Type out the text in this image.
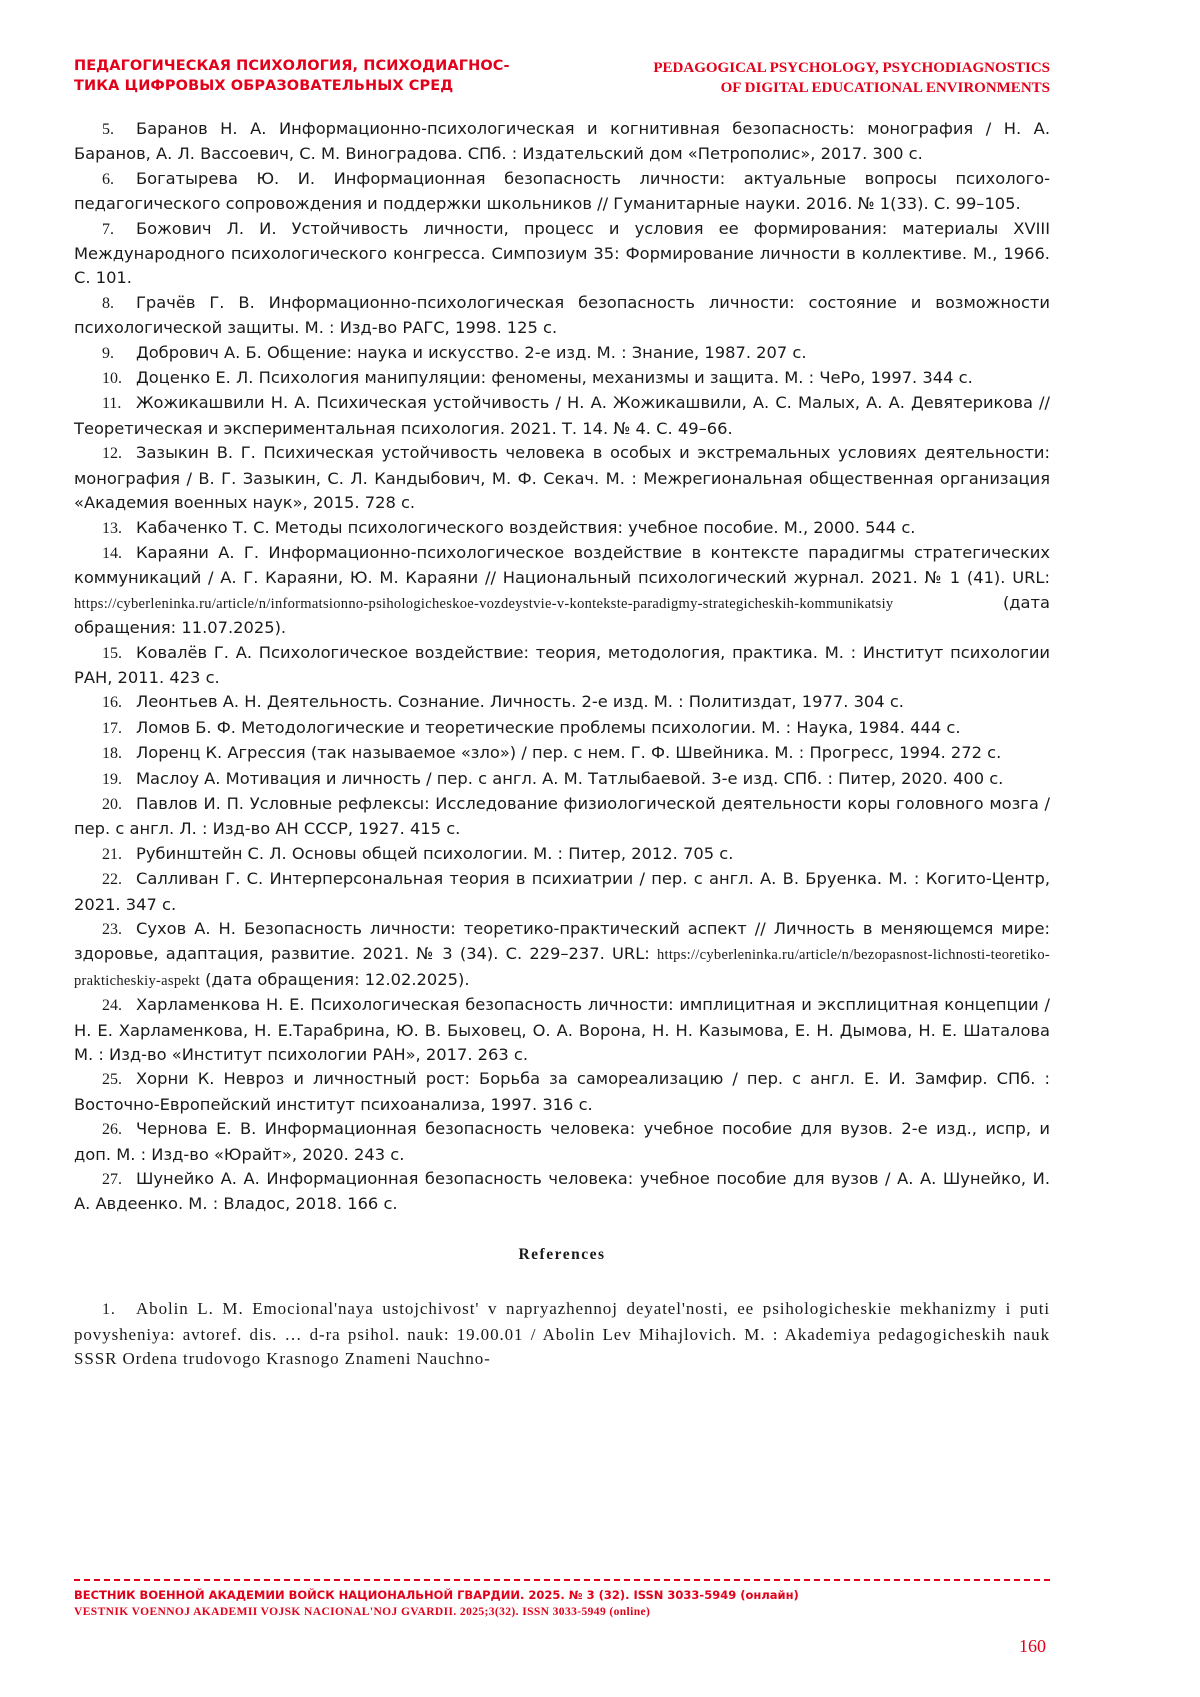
ПЕДАГОГИЧЕСКАЯ ПСИХОЛОГИЯ, ПСИХОДИАГНОС-
ТИКА ЦИФРОВЫХ ОБРАЗОВАТЕЛЬНЫХ СРЕД
PEDAGOGICAL PSYCHOLOGY, PSYCHODIAGNOSTICS
OF DIGITAL EDUCATIONAL ENVIRONMENTS

5. Баранов Н. А. Информационно-психологическая и когнитивная безопасность: монография / Н. А. Баранов, А. Л. Вассоевич, С. М. Виноградова. СПб. : Издательский дом «Петрополис», 2017. 300 с.

6. Богатырева Ю. И. Информационная безопасность личности: актуальные вопросы психолого-педагогического сопровождения и поддержки школьников // Гуманитарные науки. 2016. № 1(33). С. 99–105.

7. Божович Л. И. Устойчивость личности, процесс и условия ее формирования: материалы XVIII Международного психологического конгресса. Симпозиум 35: Формирование личности в коллективе. М., 1966. С. 101.

8. Грачёв Г. В. Информационно-психологическая безопасность личности: состояние и возможности психологической защиты. М. : Изд-во РАГС, 1998. 125 с.

9. Добрович А. Б. Общение: наука и искусство. 2-е изд. М. : Знание, 1987. 207 с.

10. Доценко Е. Л. Психология манипуляции: феномены, механизмы и защита. М. : ЧеРо, 1997. 344 с.

11. Жожикашвили Н. А. Психическая устойчивость / Н. А. Жожикашвили, А. С. Малых, А. А. Девятерикова // Теоретическая и экспериментальная психология. 2021. Т. 14. № 4. С. 49–66.

12. Зазыкин В. Г. Психическая устойчивость человека в особых и экстремальных условиях деятельности: монография / В. Г. Зазыкин, С. Л. Кандыбович, М. Ф. Секач. М. : Межрегиональная общественная организация «Академия военных наук», 2015. 728 с.

13. Кабаченко Т. С. Методы психологического воздействия: учебное пособие. М., 2000. 544 с.

14. Караяни А. Г. Информационно-психологическое воздействие в контексте парадигмы стратегических коммуникаций / А. Г. Караяни, Ю. М. Караяни // Национальный психологический журнал. 2021. № 1 (41). URL: https://cyberleninka.ru/article/n/informatsionno-psihologicheskoe-vozdeystvie-v-kontekste-paradigmy-strategicheskih-kommunikatsiy (дата обращения: 11.07.2025).

15. Ковалёв Г. А. Психологическое воздействие: теория, методология, практика. М. : Институт психологии РАН, 2011. 423 с.

16. Леонтьев А. Н. Деятельность. Сознание. Личность. 2-е изд. М. : Политиздат, 1977. 304 с.

17. Ломов Б. Ф. Методологические и теоретические проблемы психологии. М. : Наука, 1984. 444 с.

18. Лоренц К. Агрессия (так называемое «зло») / пер. с нем. Г. Ф. Швейника. М. : Прогресс, 1994. 272 с.

19. Маслоу А. Мотивация и личность / пер. с англ. А. М. Татлыбаевой. 3-е изд. СПб. : Питер, 2020. 400 с.

20. Павлов И. П. Условные рефлексы: Исследование физиологической деятельности коры головного мозга / пер. с англ. Л. : Изд-во АН СССР, 1927. 415 с.

21. Рубинштейн С. Л. Основы общей психологии. М. : Питер, 2012. 705 с.

22. Салливан Г. С. Интерперсональная теория в психиатрии / пер. с англ. А. В. Бруенка. М. : Когито-Центр, 2021. 347 с.

23. Сухов А. Н. Безопасность личности: теоретико-практический аспект // Личность в меняющемся мире: здоровье, адаптация, развитие. 2021. № 3 (34). С. 229–237. URL: https://cyberleninka.ru/article/n/bezopasnost-lichnosti-teoretiko-prakticheskiy-aspekt (дата обращения: 12.02.2025).

24. Харламенкова Н. Е. Психологическая безопасность личности: имплицитная и эксплицитная концепции / Н. Е. Харламенкова, Н. Е.Тарабрина, Ю. В. Быховец, О. А. Ворона, Н. Н. Казымова, Е. Н. Дымова, Н. Е. Шаталова М. : Изд-во «Институт психологии РАН», 2017. 263 с.

25. Хорни К. Невроз и личностный рост: Борьба за самореализацию / пер. с англ. Е. И. Замфир. СПб. : Восточно-Европейский институт психоанализа, 1997. 316 с.

26. Чернова Е. В. Информационная безопасность человека: учебное пособие для вузов. 2-е изд., испр, и доп. М. : Изд-во «Юрайт», 2020. 243 с.

27. Шунейко А. А. Информационная безопасность человека: учебное пособие для вузов / А. А. Шунейко, И. А. Авдеенко. М. : Владос, 2018. 166 с.

References

1. Abolin L. M. Emocional'naya ustojchivost' v napryazhennoj deyatel'nosti, ee psihologicheskie mekhanizmy i puti povysheniya: avtoref. dis. … d-ra psihol. nauk: 19.00.01 / Abolin Lev Mihajlovich. M. : Akademiya pedagogicheskih nauk SSSR Ordena trudovogo Krasnogo Znameni Nauchno-

ВЕСТНИК ВОЕННОЙ АКАДЕМИИ ВОЙСК НАЦИОНАЛЬНОЙ ГВАРДИИ. 2025. № 3 (32). ISSN 3033-5949 (онлайн)
VESTNIK VOENNOJ AKADEMII VOJSK NACIONAL'NOJ GVARDII. 2025;3(32). ISSN 3033-5949 (online)
160
